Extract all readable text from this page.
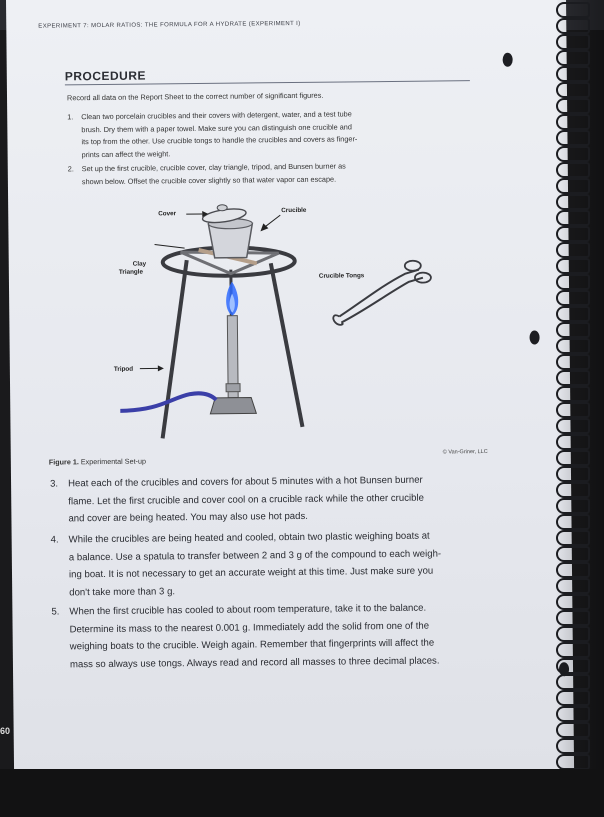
EXPERIMENT 7: MOLAR RATIOS: THE FORMULA FOR A HYDRATE (EXPERIMENT I)
PROCEDURE
Record all data on the Report Sheet to the correct number of significant figures.
1. Clean two porcelain crucibles and their covers with detergent, water, and a test tube
brush. Dry them with a paper towel. Make sure you can distinguish one crucible and
its top from the other. Use crucible tongs to handle the crucibles and covers as finger-
prints can affect the weight.
2. Set up the first crucible, crucible cover, clay triangle, tripod, and Bunsen burner as
shown below. Offset the crucible cover slightly so that water vapor can escape.
Cover	Crucible
Clay
Triangle
Crucible Tongs
Tripod
Figure 1. Experimental Set-up
© Van-Griner, LLC
3. Heat each of the crucibles and covers for about 5 minutes with a hot Bunsen burner
flame. Let the first crucible and cover cool on a crucible rack while the other crucible
and cover are being heated. You may also use hot pads.
4. While the crucibles are being heated and cooled, obtain two plastic weighing boats at
a balance. Use a spatula to transfer between 2 and 3 g of the compound to each weigh-
ing boat. It is not necessary to get an accurate weight at this time. Just make sure you
don't take more than 3 g.
5. When the first crucible has cooled to about room temperature, take it to the balance.
Determine its mass to the nearest 0.001 g. Immediately add the solid from one of the
weighing boats to the crucible. Weigh again. Remember that fingerprints will affect the
mass so always use tongs. Always read and record all masses to three decimal places.
60
